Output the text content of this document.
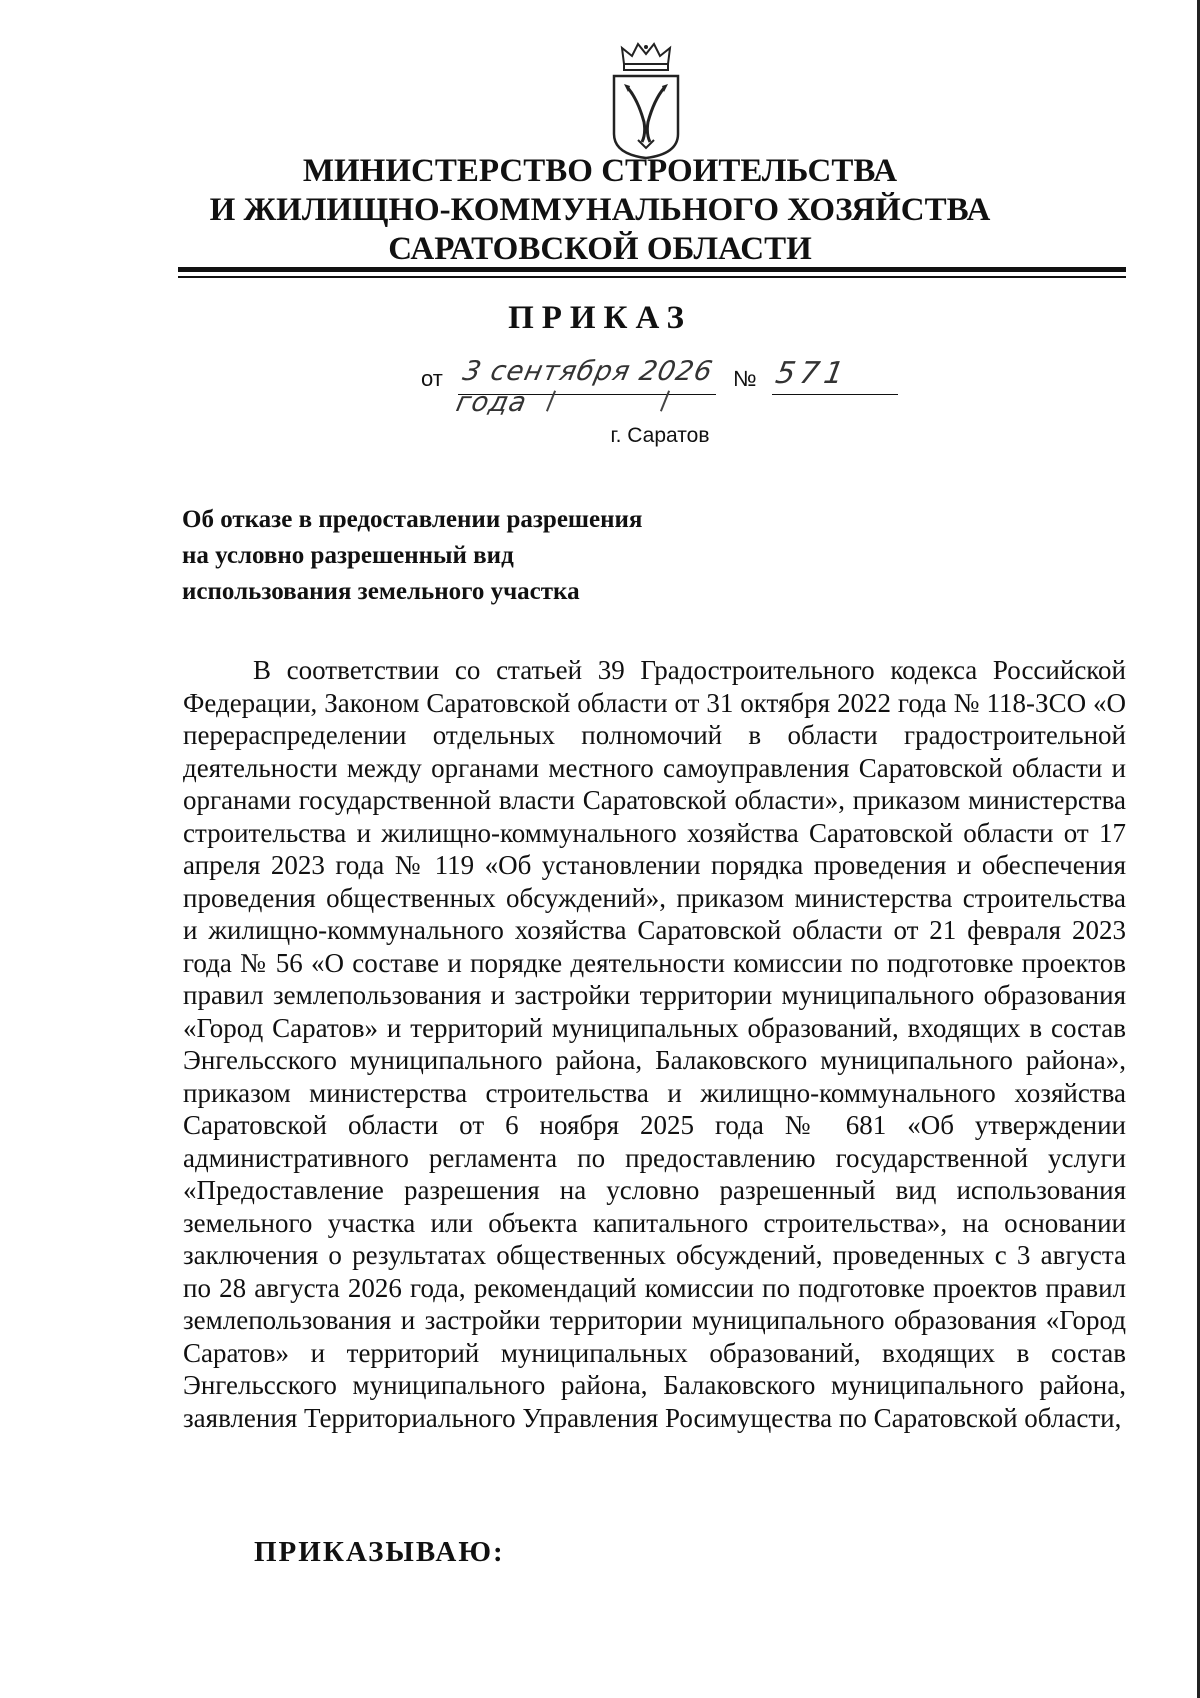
МИНИСТЕРСТВО СТРОИТЕЛЬСТВА
И ЖИЛИЩНО-КОММУНАЛЬНОГО ХОЗЯЙСТВА
САРАТОВСКОЙ ОБЛАСТИ
ПРИКАЗ
от 3 сентября 2026 года
№ 571
г. Саратов
Об отказе в предоставлении разрешения
на условно разрешенный вид
использования земельного участка
В соответствии со статьей 39 Градостроительного кодекса Российской Федерации, Законом Саратовской области от 31 октября 2022 года № 118-ЗСО «О перераспределении отдельных полномочий в области градостроительной деятельности между органами местного самоуправления Саратовской области и органами государственной власти Саратовской области», приказом министерства строительства и жилищно-коммунального хозяйства Саратовской области от 17 апреля 2023 года № 119 «Об установлении порядка проведения и обеспечения проведения общественных обсуждений», приказом министерства строительства и жилищно-коммунального хозяйства Саратовской области от 21 февраля 2023 года № 56 «О составе и порядке деятельности комиссии по подготовке проектов правил землепользования и застройки территории муниципального образования «Город Саратов» и территорий муниципальных образований, входящих в состав Энгельсского муниципального района, Балаковского муниципального района», приказом министерства строительства и жилищно-коммунального хозяйства Саратовской области от 6 ноября 2025 года № 681 «Об утверждении административного регламента по предоставлению государственной услуги «Предоставление разрешения на условно разрешенный вид использования земельного участка или объекта капитального строительства», на основании заключения о результатах общественных обсуждений, проведенных с 3 августа по 28 августа 2026 года, рекомендаций комиссии по подготовке проектов правил землепользования и застройки территории муниципального образования «Город Саратов» и территорий муниципальных образований, входящих в состав Энгельсского муниципального района, Балаковского муниципального района, заявления Территориального Управления Росимущества по Саратовской области,
ПРИКАЗЫВАЮ:
